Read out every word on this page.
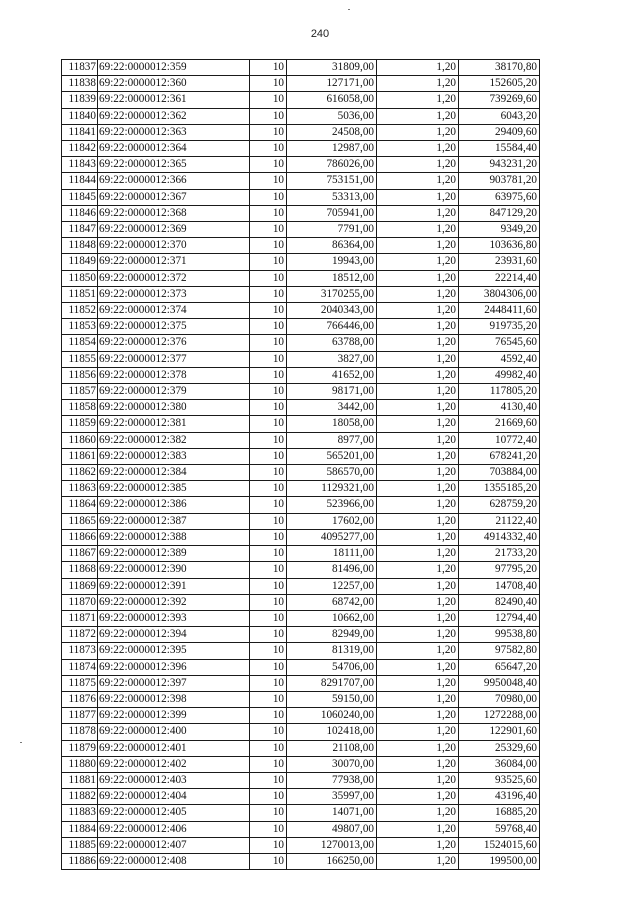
240
11837	69:22:0000012:359	10	31809,00	1,20	38170,80
11838	69:22:0000012:360	10	127171,00	1,20	152605,20
11839	69:22:0000012:361	10	616058,00	1,20	739269,60
11840	69:22:0000012:362	10	5036,00	1,20	6043,20
11841	69:22:0000012:363	10	24508,00	1,20	29409,60
11842	69:22:0000012:364	10	12987,00	1,20	15584,40
11843	69:22:0000012:365	10	786026,00	1,20	943231,20
11844	69:22:0000012:366	10	753151,00	1,20	903781,20
11845	69:22:0000012:367	10	53313,00	1,20	63975,60
11846	69:22:0000012:368	10	705941,00	1,20	847129,20
11847	69:22:0000012:369	10	7791,00	1,20	9349,20
11848	69:22:0000012:370	10	86364,00	1,20	103636,80
11849	69:22:0000012:371	10	19943,00	1,20	23931,60
11850	69:22:0000012:372	10	18512,00	1,20	22214,40
11851	69:22:0000012:373	10	3170255,00	1,20	3804306,00
11852	69:22:0000012:374	10	2040343,00	1,20	2448411,60
11853	69:22:0000012:375	10	766446,00	1,20	919735,20
11854	69:22:0000012:376	10	63788,00	1,20	76545,60
11855	69:22:0000012:377	10	3827,00	1,20	4592,40
11856	69:22:0000012:378	10	41652,00	1,20	49982,40
11857	69:22:0000012:379	10	98171,00	1,20	117805,20
11858	69:22:0000012:380	10	3442,00	1,20	4130,40
11859	69:22:0000012:381	10	18058,00	1,20	21669,60
11860	69:22:0000012:382	10	8977,00	1,20	10772,40
11861	69:22:0000012:383	10	565201,00	1,20	678241,20
11862	69:22:0000012:384	10	586570,00	1,20	703884,00
11863	69:22:0000012:385	10	1129321,00	1,20	1355185,20
11864	69:22:0000012:386	10	523966,00	1,20	628759,20
11865	69:22:0000012:387	10	17602,00	1,20	21122,40
11866	69:22:0000012:388	10	4095277,00	1,20	4914332,40
11867	69:22:0000012:389	10	18111,00	1,20	21733,20
11868	69:22:0000012:390	10	81496,00	1,20	97795,20
11869	69:22:0000012:391	10	12257,00	1,20	14708,40
11870	69:22:0000012:392	10	68742,00	1,20	82490,40
11871	69:22:0000012:393	10	10662,00	1,20	12794,40
11872	69:22:0000012:394	10	82949,00	1,20	99538,80
11873	69:22:0000012:395	10	81319,00	1,20	97582,80
11874	69:22:0000012:396	10	54706,00	1,20	65647,20
11875	69:22:0000012:397	10	8291707,00	1,20	9950048,40
11876	69:22:0000012:398	10	59150,00	1,20	70980,00
11877	69:22:0000012:399	10	1060240,00	1,20	1272288,00
11878	69:22:0000012:400	10	102418,00	1,20	122901,60
11879	69:22:0000012:401	10	21108,00	1,20	25329,60
11880	69:22:0000012:402	10	30070,00	1,20	36084,00
11881	69:22:0000012:403	10	77938,00	1,20	93525,60
11882	69:22:0000012:404	10	35997,00	1,20	43196,40
11883	69:22:0000012:405	10	14071,00	1,20	16885,20
11884	69:22:0000012:406	10	49807,00	1,20	59768,40
11885	69:22:0000012:407	10	1270013,00	1,20	1524015,60
11886	69:22:0000012:408	10	166250,00	1,20	199500,00
